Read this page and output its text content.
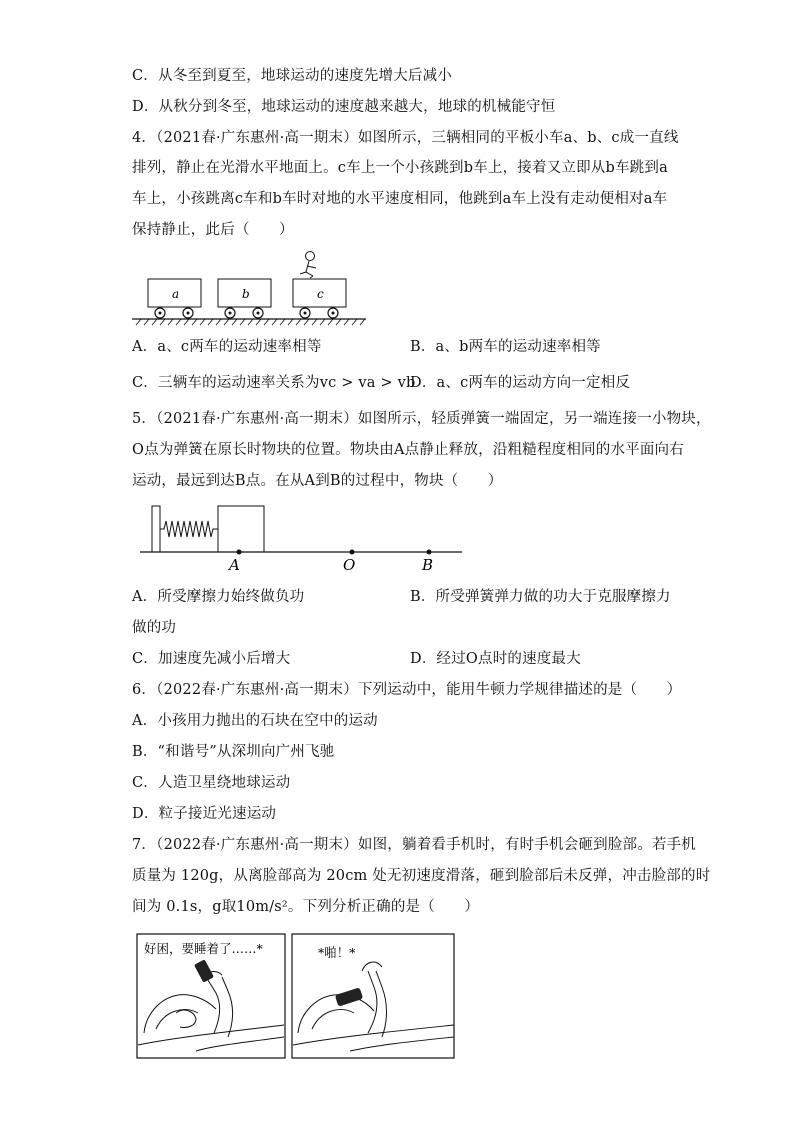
C．从冬至到夏至，地球运动的速度先增大后减小
D．从秋分到冬至，地球运动的速度越来越大，地球的机械能守恒
4．（2021春·广东惠州·高一期末）如图所示，三辆相同的平板小车a、b、c成一直线
排列，静止在光滑水平地面上。c车上一个小孩跳到b车上，接着又立即从b车跳到a
车上，小孩跳离c车和b车时对地的水平速度相同，他跳到a车上没有走动便相对a车
保持静止，此后（　　）
a	b	c
A．a、c两车的运动速率相等	B．a、b两车的运动速率相等
C．三辆车的运动速率关系为vc > va > vb
D．a、c两车的运动方向一定相反
5．（2021春·广东惠州·高一期末）如图所示，轻质弹簧一端固定，另一端连接一小物块，
O点为弹簧在原长时物块的位置。物块由A点静止释放，沿粗糙程度相同的水平面向右
运动，最远到达B点。在从A到B的过程中，物块（　　）
A	O	B
A．所受摩擦力始终做负功	B．所受弹簧弹力做的功大于克服摩擦力
做的功
C．加速度先减小后增大	D．经过O点时的速度最大
6．（2022春·广东惠州·高一期末）下列运动中，能用牛顿力学规律描述的是（　　）
A．小孩用力抛出的石块在空中的运动
B．“和谐号”从深圳向广州飞驰
C．人造卫星绕地球运动
D．粒子接近光速运动
7．（2022春·广东惠州·高一期末）如图，躺着看手机时，有时手机会砸到脸部。若手机
质量为 120g，从离脸部高为 20cm 处无初速度滑落，砸到脸部后未反弹，冲击脸部的时
间为 0.1s，g取10m/s²。下列分析正确的是（　　）
好困，要睡着了……*	*啪！*
